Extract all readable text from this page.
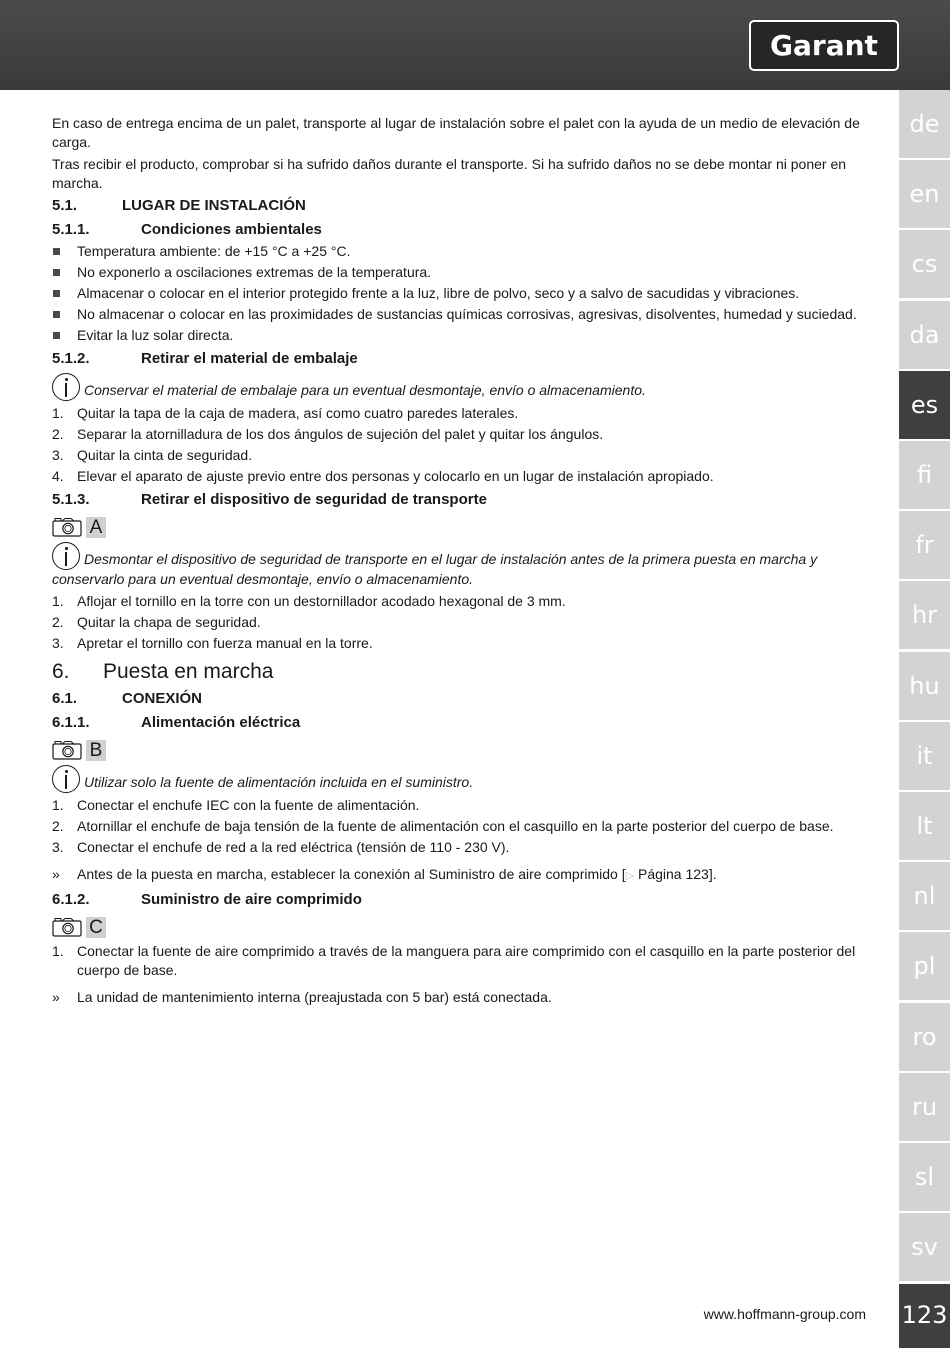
Garant
de
en
cs
da
es
fi
fr
hr
hu
it
lt
nl
pl
ro
ru
sl
sv

En caso de entrega encima de un palet, transporte al lugar de instalación sobre el palet con la ayuda de un medio de elevación de carga.

Tras recibir el producto, comprobar si ha sufrido daños durante el transporte. Si ha sufrido daños no se debe montar ni poner en marcha.

5.1.	LUGAR DE INSTALACIÓN
5.1.1.	Condiciones ambientales
Temperatura ambiente: de +15 °C a +25 °C.
No exponerlo a oscilaciones extremas de la temperatura.
Almacenar o colocar en el interior protegido frente a la luz, libre de polvo, seco y a salvo de sacudidas y vibraciones.
No almacenar o colocar en las proximidades de sustancias químicas corrosivas, agresivas, disolventes, humedad y suciedad.
Evitar la luz solar directa.
5.1.2.	Retirar el material de embalaje
Conservar el material de embalaje para un eventual desmontaje, envío o almacenamiento.
1. Quitar la tapa de la caja de madera, así como cuatro paredes laterales.
2. Separar la atornilladura de los dos ángulos de sujeción del palet y quitar los ángulos.
3. Quitar la cinta de seguridad.
4. Elevar el aparato de ajuste previo entre dos personas y colocarlo en un lugar de instalación apropiado.
5.1.3.	Retirar el dispositivo de seguridad de transporte
A
Desmontar el dispositivo de seguridad de transporte en el lugar de instalación antes de la primera puesta en marcha y conservarlo para un eventual desmontaje, envío o almacenamiento.
1. Aflojar el tornillo en la torre con un destornillador acodado hexagonal de 3 mm.
2. Quitar la chapa de seguridad.
3. Apretar el tornillo con fuerza manual en la torre.
6. Puesta en marcha
6.1.	CONEXIÓN
6.1.1.	Alimentación eléctrica
B
Utilizar solo la fuente de alimentación incluida en el suministro.
1. Conectar el enchufe IEC con la fuente de alimentación.
2. Atornillar el enchufe de baja tensión de la fuente de alimentación con el casquillo en la parte posterior del cuerpo de base.
3. Conectar el enchufe de red a la red eléctrica (tensión de 110 - 230 V).
» Antes de la puesta en marcha, establecer la conexión al Suministro de aire comprimido [▷ Página 123].
6.1.2.	Suministro de aire comprimido
C
1. Conectar la fuente de aire comprimido a través de la manguera para aire comprimido con el casquillo en la parte posterior del cuerpo de base.
» La unidad de mantenimiento interna (preajustada con 5 bar) está conectada.
www.hoffmann-group.com 123
